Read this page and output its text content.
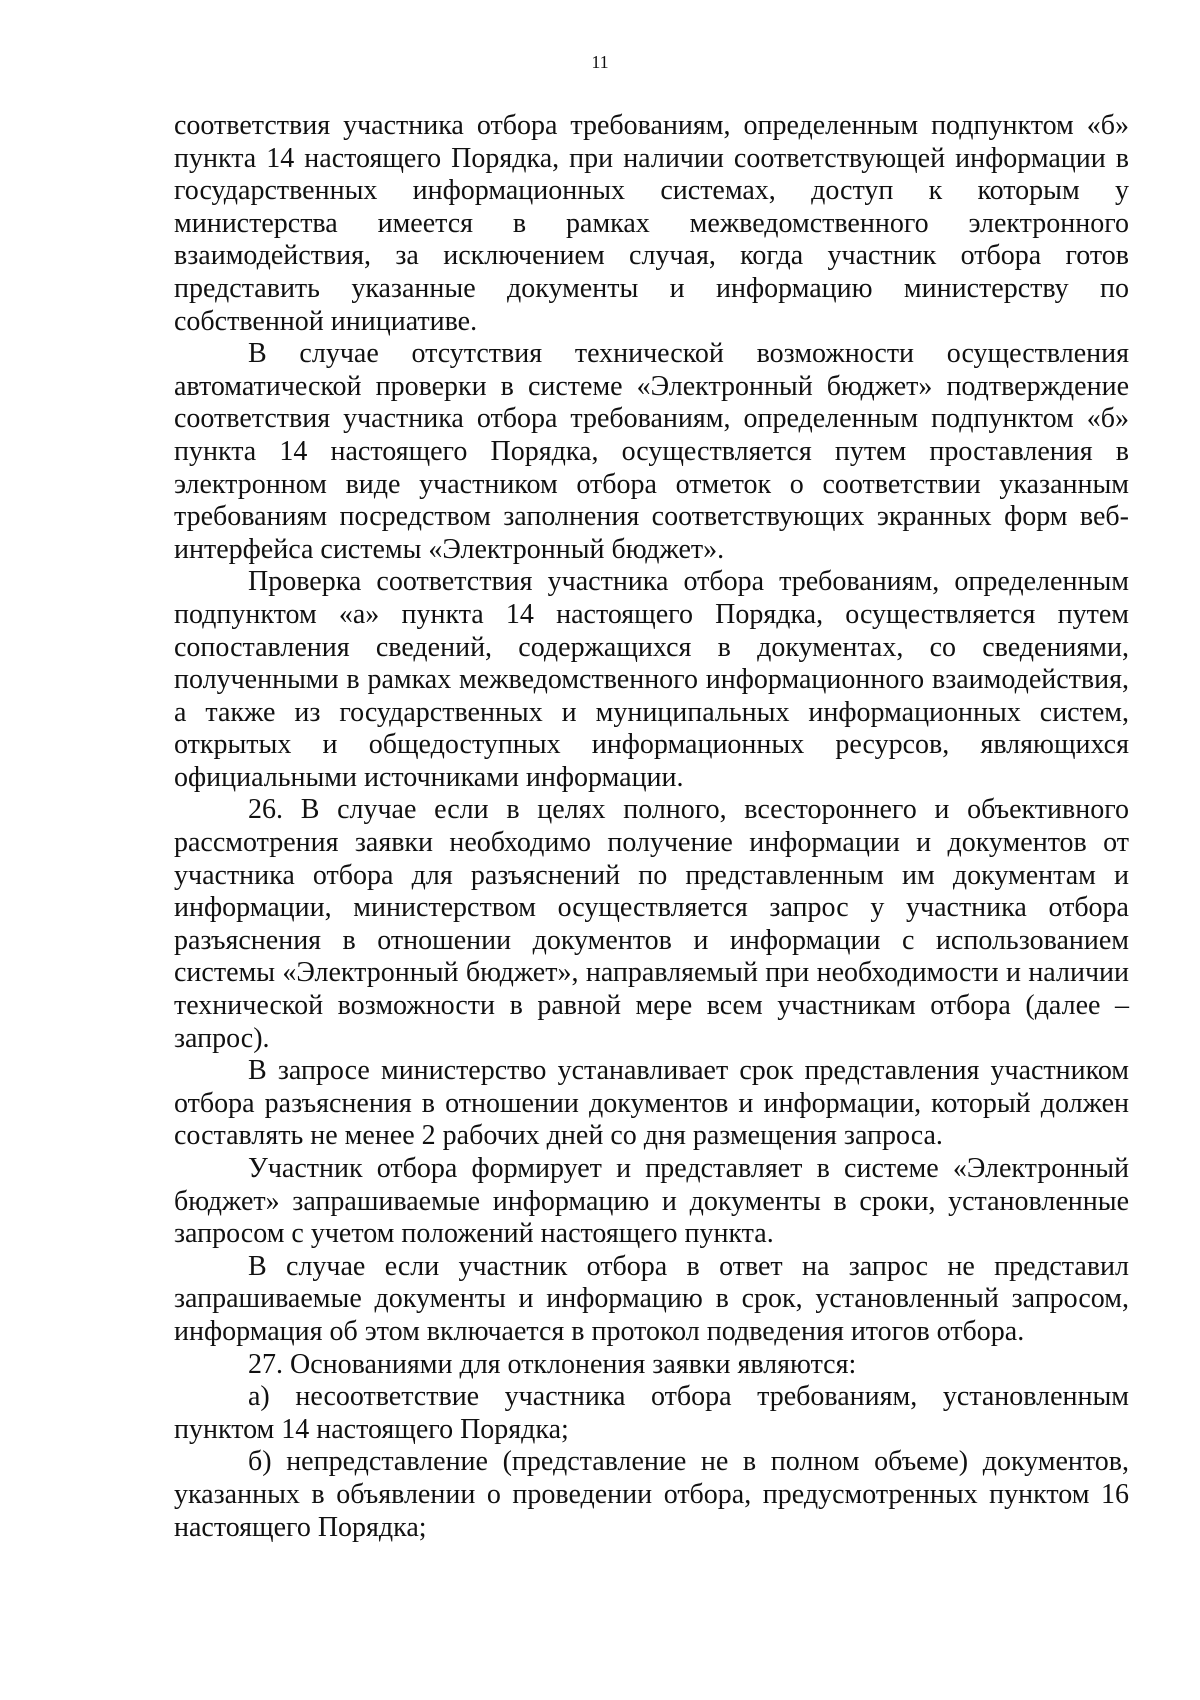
11

соответствия участника отбора требованиям, определенным подпунктом «б» пункта 14 настоящего Порядка, при наличии соответствующей информации в государственных информационных системах, доступ к которым у министерства имеется в рамках межведомственного электронного взаимодействия, за исключением случая, когда участник отбора готов представить указанные документы и информацию министерству по собственной инициативе.

В случае отсутствия технической возможности осуществления автоматической проверки в системе «Электронный бюджет» подтверждение соответствия участника отбора требованиям, определенным подпунктом «б» пункта 14 настоящего Порядка, осуществляется путем проставления в электронном виде участником отбора отметок о соответствии указанным требованиям посредством заполнения соответствующих экранных форм веб-интерфейса системы «Электронный бюджет».

Проверка соответствия участника отбора требованиям, определенным подпунктом «а» пункта 14 настоящего Порядка, осуществляется путем сопоставления сведений, содержащихся в документах, со сведениями, полученными в рамках межведомственного информационного взаимодействия, а также из государственных и муниципальных информационных систем, открытых и общедоступных информационных ресурсов, являющихся официальными источниками информации.

26. В случае если в целях полного, всестороннего и объективного рассмотрения заявки необходимо получение информации и документов от участника отбора для разъяснений по представленным им документам и информации, министерством осуществляется запрос у участника отбора разъяснения в отношении документов и информации с использованием системы «Электронный бюджет», направляемый при необходимости и наличии технической возможности в равной мере всем участникам отбора (далее – запрос).

В запросе министерство устанавливает срок представления участником отбора разъяснения в отношении документов и информации, который должен составлять не менее 2 рабочих дней со дня размещения запроса.

Участник отбора формирует и представляет в системе «Электронный бюджет» запрашиваемые информацию и документы в сроки, установленные запросом с учетом положений настоящего пункта.

В случае если участник отбора в ответ на запрос не представил запрашиваемые документы и информацию в срок, установленный запросом, информация об этом включается в протокол подведения итогов отбора.

27. Основаниями для отклонения заявки являются:

а) несоответствие участника отбора требованиям, установленным пунктом 14 настоящего Порядка;

б) непредставление (представление не в полном объеме) документов, указанных в объявлении о проведении отбора, предусмотренных пунктом 16 настоящего Порядка;
